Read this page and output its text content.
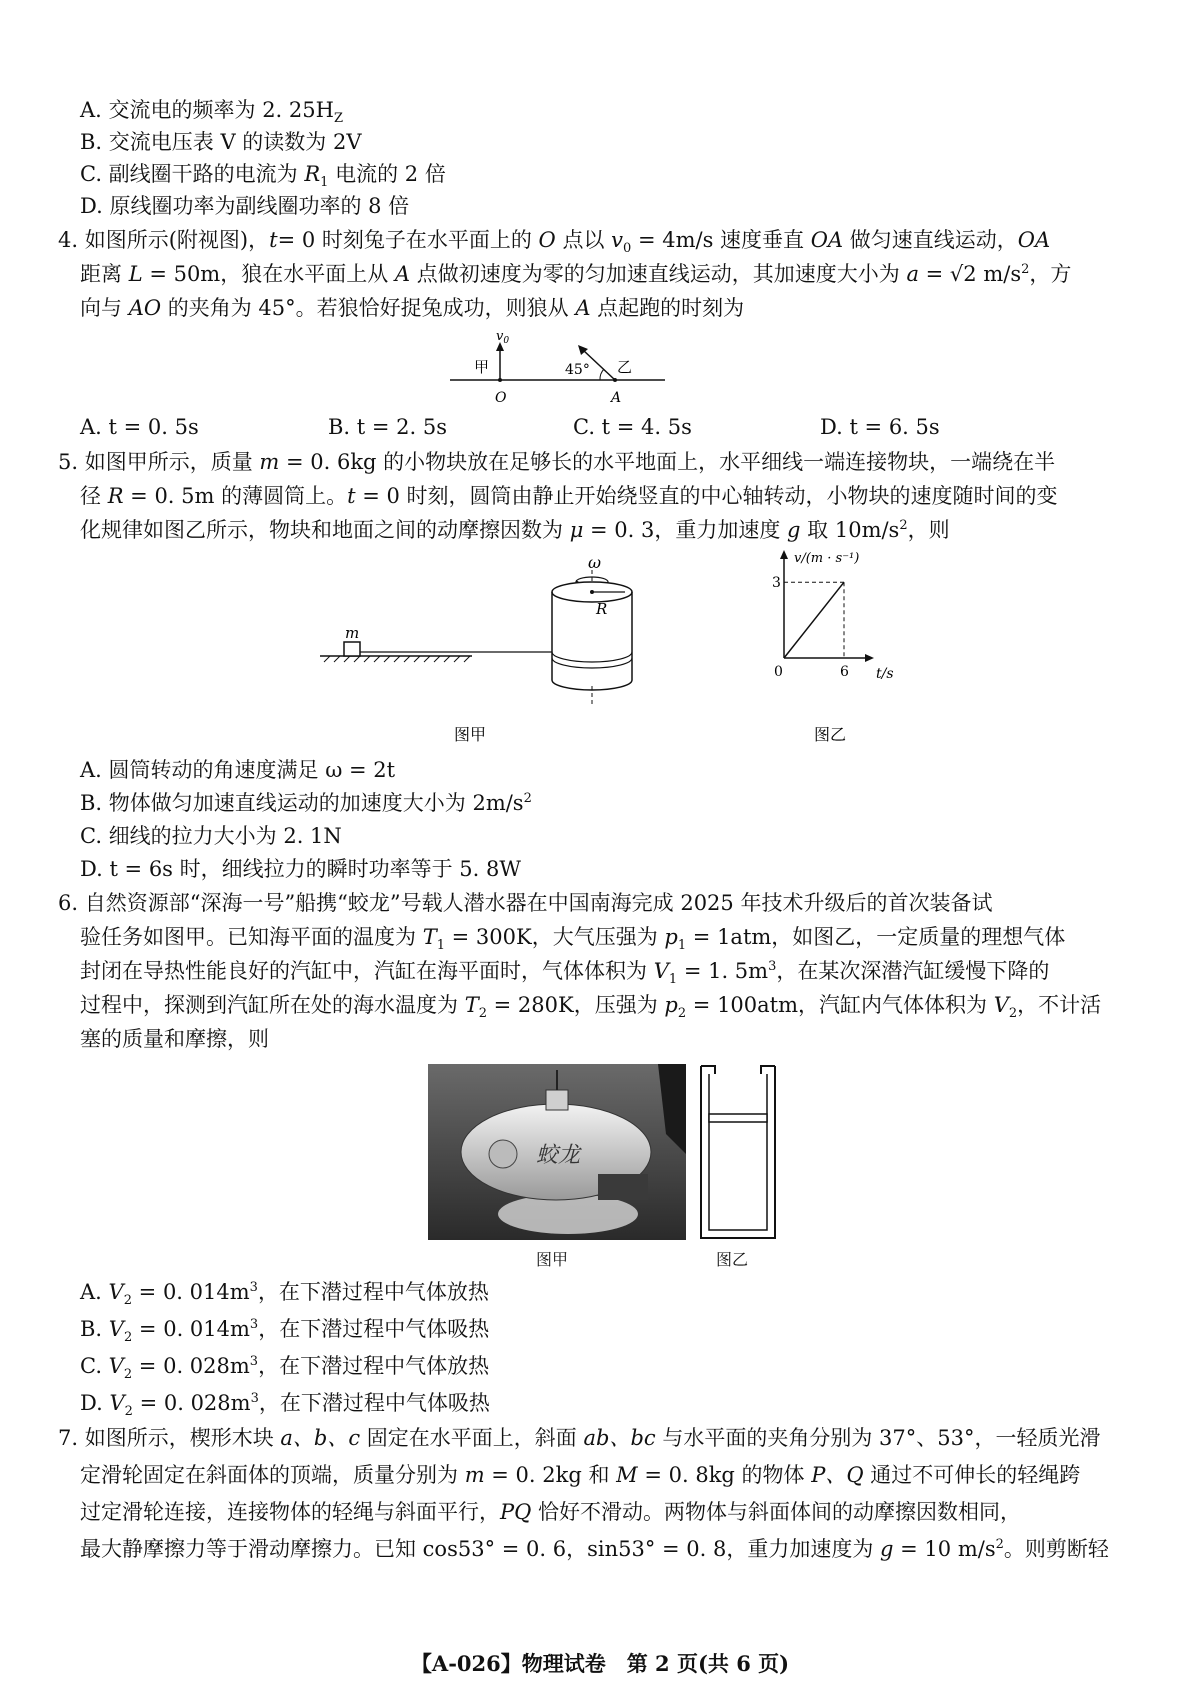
A. 交流电的频率为 2. $25H_Z$
B. 交流电压表 V 的读数为 2V
C. 副线圈干路的电流为 $R_1$ 电流的 2 倍
D. 原线圈功率为副线圈功率的 8 倍
4. 如图所示(附视图)，t= 0 时刻兔子在水平面上的 O 点以 $v_0 = 4m/s$ 速度垂直 OA 做匀速直线运动，OA
距离 L = 50m，狼在水平面上从 A 点做初速度为零的匀加速直线运动，其加速度大小为 a = √2 $m/s^2$，方
向与 AO 的夹角为 45°。若狼恰好捉兔成功，则狼从 A 点起跑的时刻为
$v_0$
甲	45° 乙
O	A
A. t = 0. 5s	B. t = 2. 5s	C. t = 4. 5s	D. t = 6. 5s
5. 如图甲所示，质量 m = 0. 6kg 的小物块放在足够长的水平地面上，水平细线一端连接物块，一端绕在半
径 R = 0. 5m 的薄圆筒上。t = 0 时刻，圆筒由静止开始绕竖直的中心轴转动，小物块的速度随时间的变
化规律如图乙所示，物块和地面之间的动摩擦因数为 μ = 0. 3，重力加速度 g 取 $10m/s^2$，则
ω
R
m
图甲
v/(m · s⁻¹)
3
0	6 t/s
图乙
A. 圆筒转动的角速度满足 ω = 2t
B. 物体做匀加速直线运动的加速度大小为 $2m/s^2$
C. 细线的拉力大小为 2. 1N
D. t = 6s 时，细线拉力的瞬时功率等于 5. 8W
6. 自然资源部“深海一号”船携“蛟龙”号载人潜水器在中国南海完成 2025 年技术升级后的首次装备试
验任务如图甲。已知海平面的温度为 $T_1 = 300K$，大气压强为 $p_1 = 1atm$，如图乙，一定质量的理想气体
封闭在导热性能良好的汽缸中，汽缸在海平面时，气体体积为 $V_1 = 1$. $5m^3$，在某次深潜汽缸缓慢下降的
过程中，探测到汽缸所在处的海水温度为 $T_2 = 280K$，压强为 $p_2 = 100atm$，汽缸内气体体积为 $V_2$，不计活
塞的质量和摩擦，则
蛟龙
图甲	图乙
A. $V_2 = 0$. $014m^3$，在下潜过程中气体放热
B. $V_2 = 0$. $014m^3$，在下潜过程中气体吸热
C. $V_2 = 0$. $028m^3$，在下潜过程中气体放热
D. $V_2 = 0$. $028m^3$，在下潜过程中气体吸热
7. 如图所示，楔形木块 a、b、c 固定在水平面上，斜面 ab、bc 与水平面的夹角分别为 37°、53°，一轻质光滑
定滑轮固定在斜面体的顶端，质量分别为 m = 0. 2kg 和 M = 0. 8kg 的物体 P、Q 通过不可伸长的轻绳跨
过定滑轮连接，连接物体的轻绳与斜面平行，PQ 恰好不滑动。两物体与斜面体间的动摩擦因数相同，
最大静摩擦力等于滑动摩擦力。已知 cos53° = 0. 6，sin53° = 0. 8，重力加速度为 g = 10 $m/s^2$。则剪断轻
【A-026】物理试卷　第 2 页(共 6 页)
